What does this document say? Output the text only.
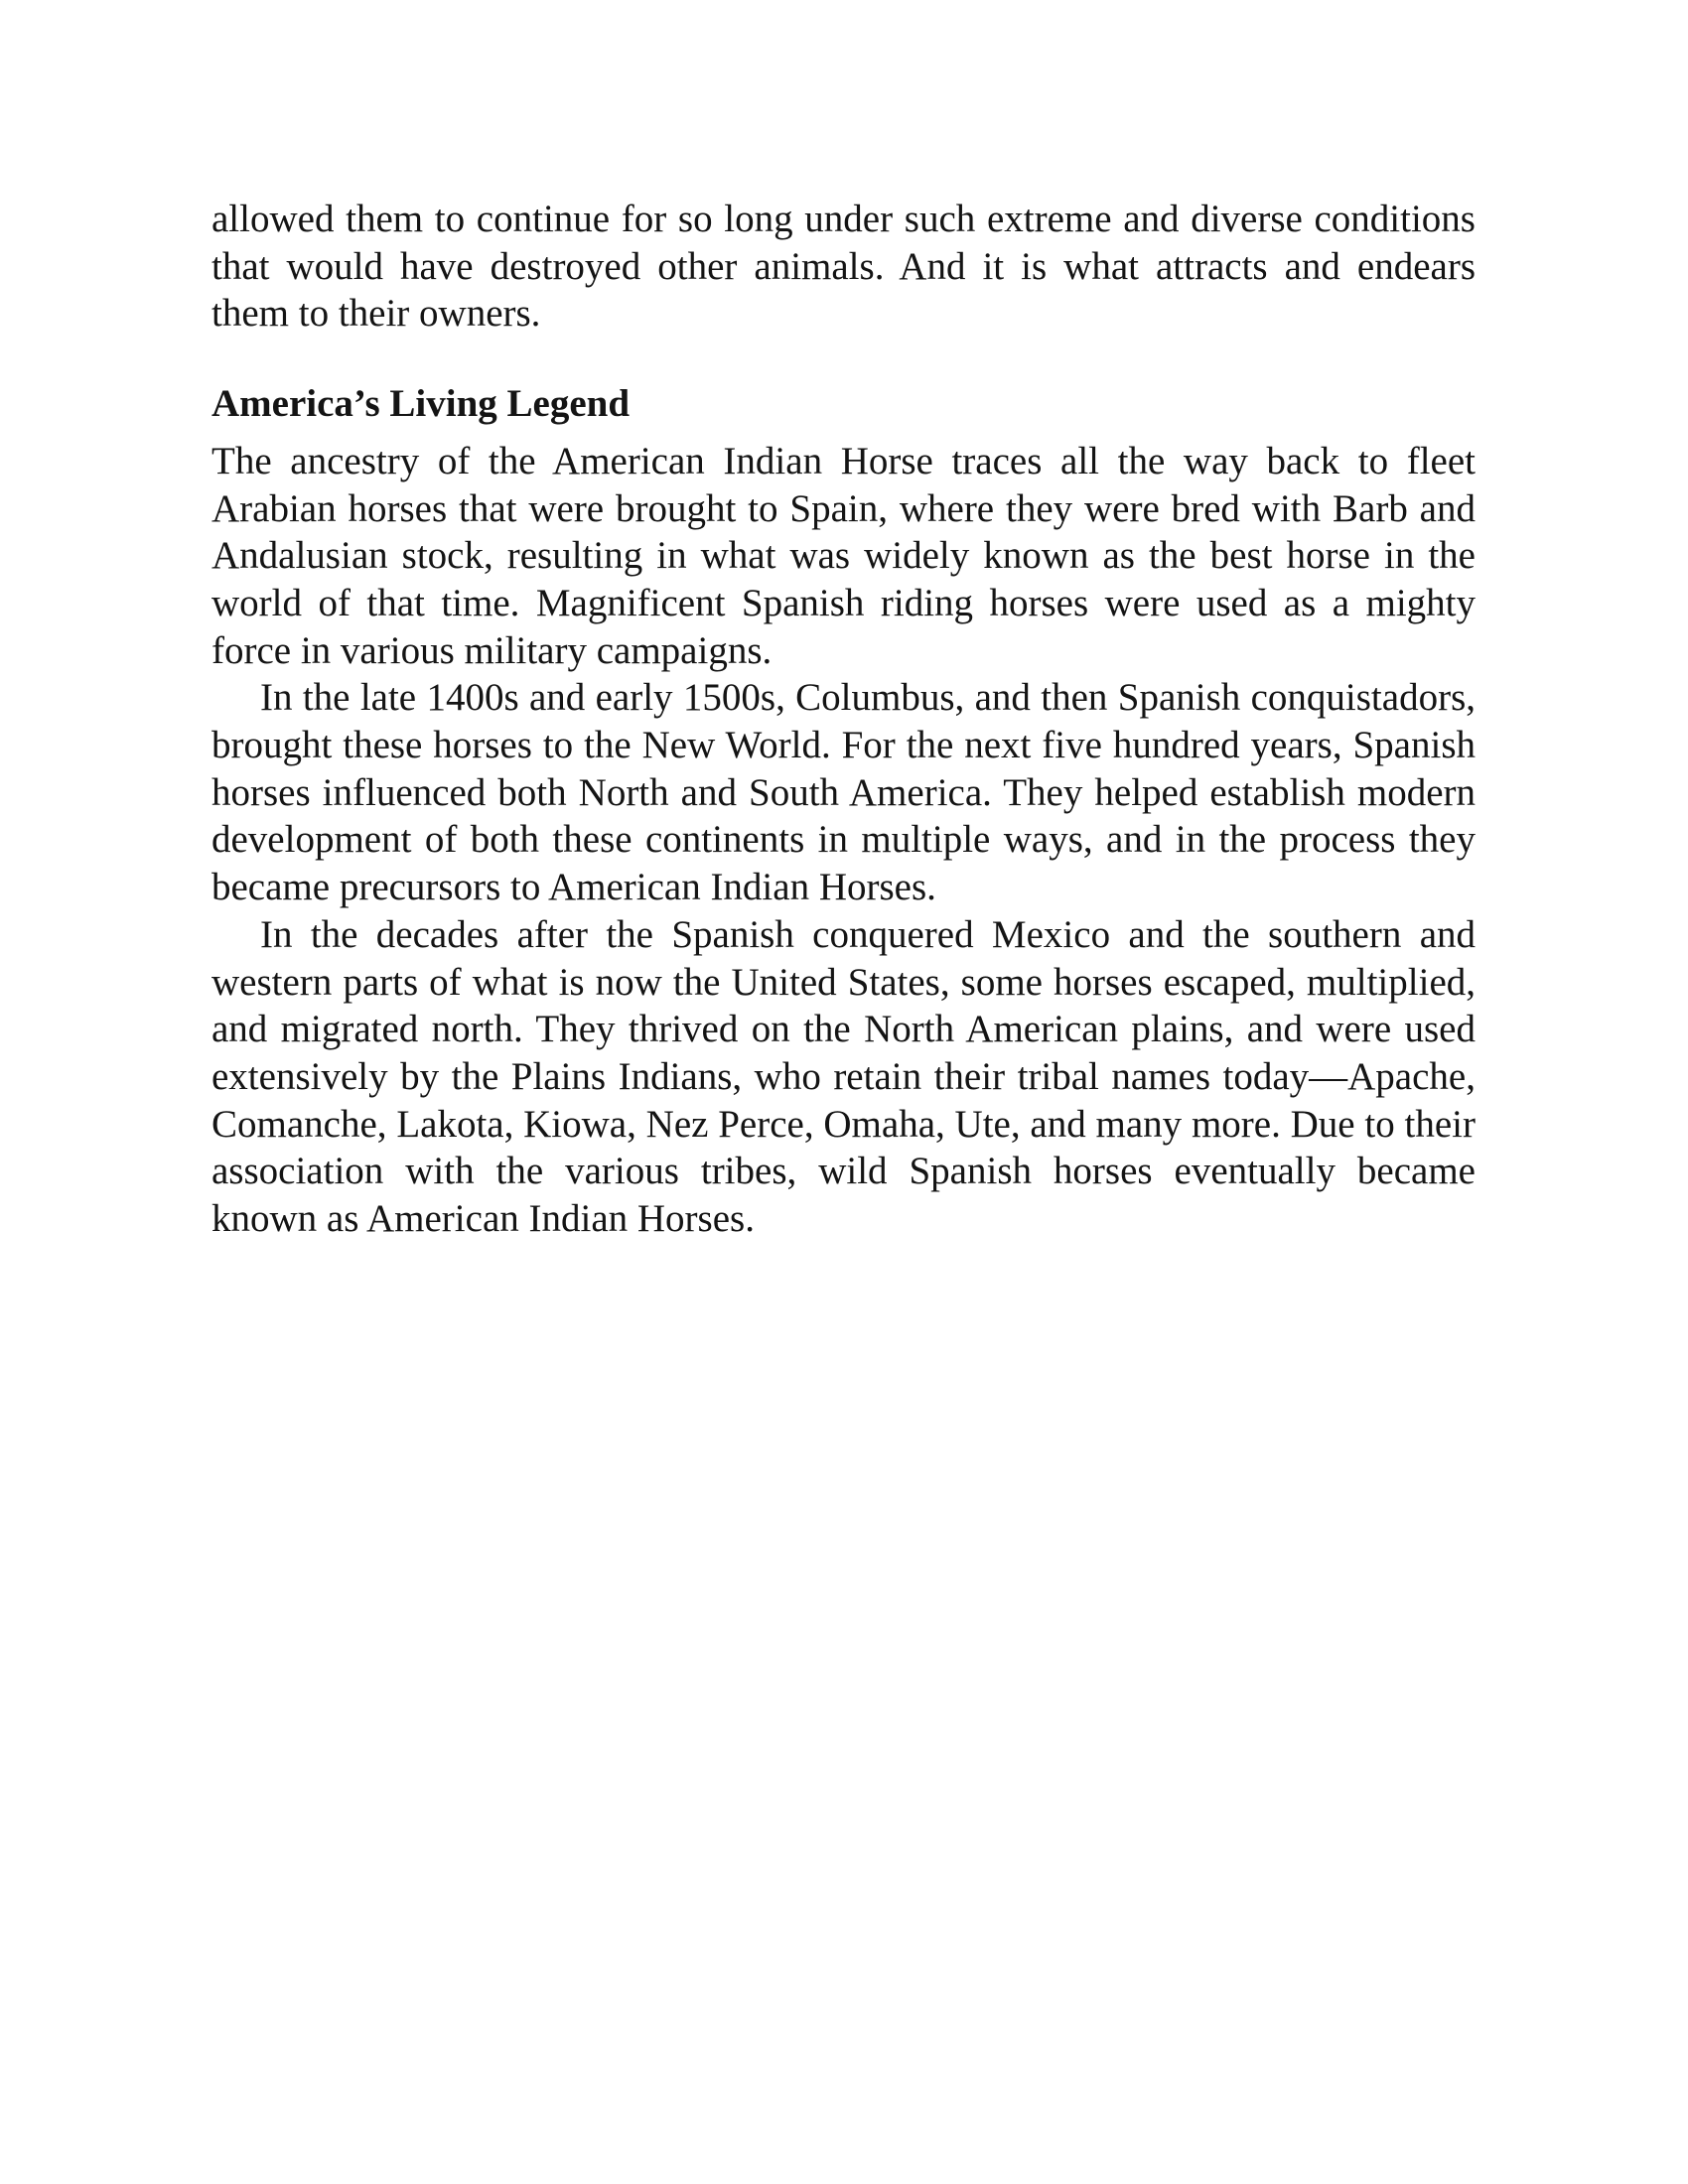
allowed them to continue for so long under such extreme and diverse conditions that would have destroyed other animals. And it is what attracts and endears them to their owners.

America’s Living Legend

The ancestry of the American Indian Horse traces all the way back to fleet Arabian horses that were brought to Spain, where they were bred with Barb and Andalusian stock, resulting in what was widely known as the best horse in the world of that time. Magnificent Spanish riding horses were used as a mighty force in various military campaigns.

In the late 1400s and early 1500s, Columbus, and then Spanish conquistadors, brought these horses to the New World. For the next five hundred years, Spanish horses influenced both North and South America. They helped establish modern development of both these continents in multiple ways, and in the process they became precursors to American Indian Horses.

In the decades after the Spanish conquered Mexico and the southern and western parts of what is now the United States, some horses escaped, multiplied, and migrated north. They thrived on the North American plains, and were used extensively by the Plains Indians, who retain their tribal names today—Apache, Comanche, Lakota, Kiowa, Nez Perce, Omaha, Ute, and many more. Due to their association with the various tribes, wild Spanish horses eventually became known as American Indian Horses.
